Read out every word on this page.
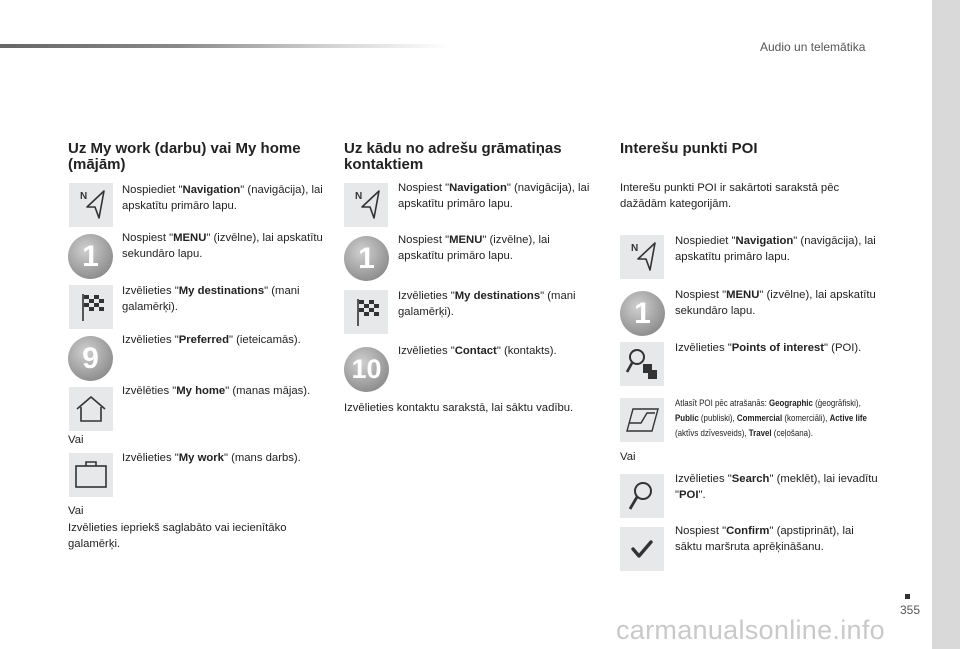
Audio un telemātika
Uz My work (darbu) vai My home (mājām)
N
Nospiediet "Navigation" (navigācija), lai apskatītu primāro lapu.
1
Nospiest "MENU" (izvēlne), lai apskatītu sekundāro lapu.
Izvēlieties "My destinations" (mani galamērķi).
9
Izvēlieties "Preferred" (ieteicamās).
Izvēlēties "My home" (manas mājas).
Vai
Izvēlieties "My work" (mans darbs).
Vai
Izvēlieties iepriekš saglabāto vai iecienītāko galamērķi.
Uz kādu no adrešu grāmatiņas kontaktiem
N
Nospiest "Navigation" (navigācija), lai apskatītu primāro lapu.
1
Nospiest "MENU" (izvēlne), lai apskatītu primāro lapu.
Izvēlieties "My destinations" (mani galamērķi).
10
Izvēlieties "Contact" (kontakts).
Izvēlieties kontaktu sarakstā, lai sāktu vadību.
Interešu punkti POI
Interešu punkti POI ir sakārtoti sarakstā pēc dažādām kategorijām.
N
Nospiediet "Navigation" (navigācija), lai apskatītu primāro lapu.
1
Nospiest "MENU" (izvēlne), lai apskatītu sekundāro lapu.
Izvēlieties "Points of interest" (POI).
Atlasīt POI pēc atrašanās: Geographic (ģeogrāfiski), Public (publiski), Commercial (komerciāli), Active life (aktīvs dzīvesveids), Travel (ceļošana).
Vai
Izvēlieties "Search" (meklēt), lai ievadītu "POI".
Nospiest "Confirm" (apstiprināt), lai sāktu maršruta aprēķināšanu.
355
carmanualsonline.info
